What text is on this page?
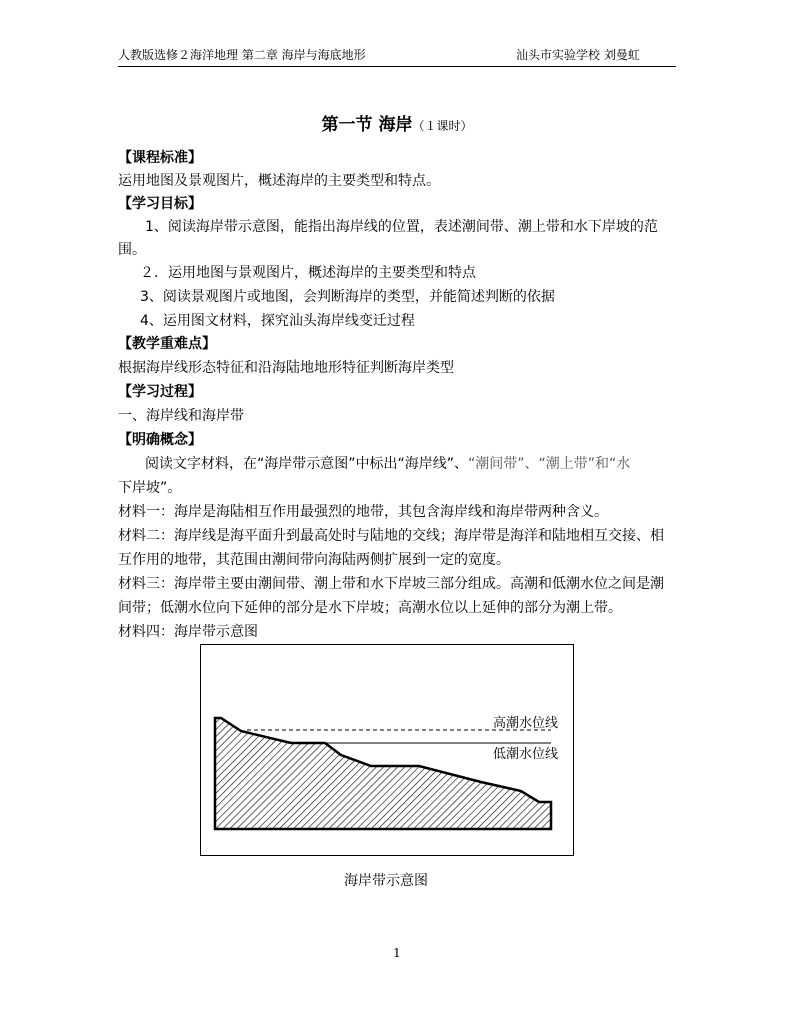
人教版选修２海洋地理 第二章 海岸与海底地形	汕头市实验学校 刘曼虹
第一节 海岸（１课时）
【课程标准】
运用地图及景观图片，概述海岸的主要类型和特点。
【学习目标】
1、阅读海岸带示意图，能指出海岸线的位置，表述潮间带、潮上带和水下岸坡的范
围。
２．运用地图与景观图片，概述海岸的主要类型和特点
3、阅读景观图片或地图，会判断海岸的类型，并能简述判断的依据
4、运用图文材料，探究汕头海岸线变迁过程
【教学重难点】
根据海岸线形态特征和沿海陆地地形特征判断海岸类型
【学习过程】
一、海岸线和海岸带
【明确概念】
阅读文字材料，在“海岸带示意图”中标出“海岸线”、“潮间带”、“潮上带”和“水
下岸坡”。
材料一：海岸是海陆相互作用最强烈的地带，其包含海岸线和海岸带两种含义。
材料二：海岸线是海平面升到最高处时与陆地的交线；海岸带是海洋和陆地相互交接、相
互作用的地带，其范围由潮间带向海陆两侧扩展到一定的宽度。
材料三：海岸带主要由潮间带、潮上带和水下岸坡三部分组成。高潮和低潮水位之间是潮
间带；低潮水位向下延伸的部分是水下岸坡；高潮水位以上延伸的部分为潮上带。
材料四：海岸带示意图
高潮水位线
低潮水位线
海岸带示意图
1
